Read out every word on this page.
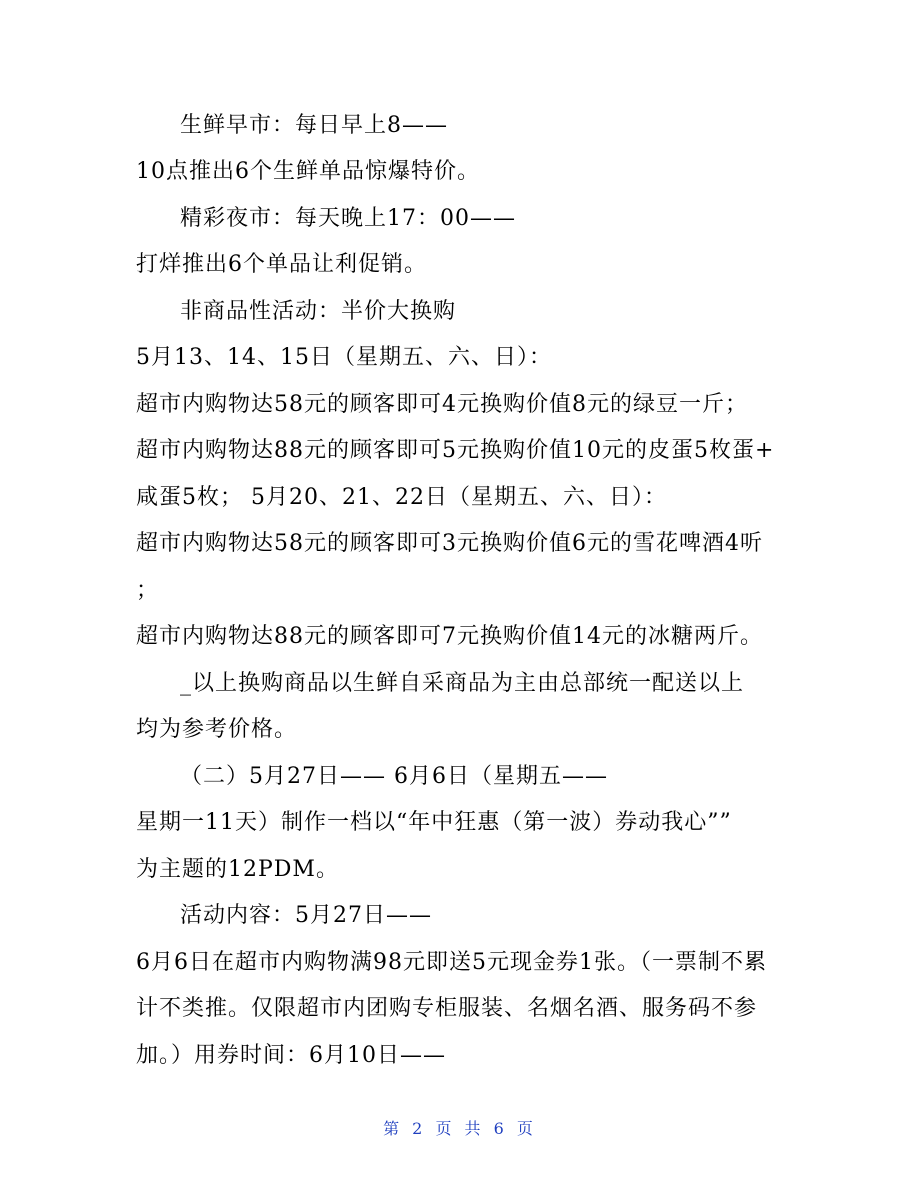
生鲜早市：每日早上8——
10点推出6个生鲜单品惊爆特价。
精彩夜市：每天晚上17：00——
打烊推出6个单品让利促销。
非商品性活动：半价大换购
5月13、14、15日（星期五、六、日）：
超市内购物达58元的顾客即可4元换购价值8元的绿豆一斤；
超市内购物达88元的顾客即可5元换购价值10元的皮蛋5枚蛋+
咸蛋5枚； 5月20、21、22日（星期五、六、日）：
超市内购物达58元的顾客即可3元换购价值6元的雪花啤酒4听
；
超市内购物达88元的顾客即可7元换购价值14元的冰糖两斤。
_以上换购商品以生鲜自采商品为主由总部统一配送以上
均为参考价格。
（二）5月27日—— 6月6日（星期五——
星期一11天）制作一档以“年中狂惠（第一波）券动我心””
为主题的12PDM。
活动内容：5月27日——
6月6日在超市内购物满98元即送5元现金券1张。（一票制不累
计不类推。仅限超市内团购专柜服装、名烟名酒、服务码不参
加。）用券时间：6月10日——
第 2 页 共 6 页
